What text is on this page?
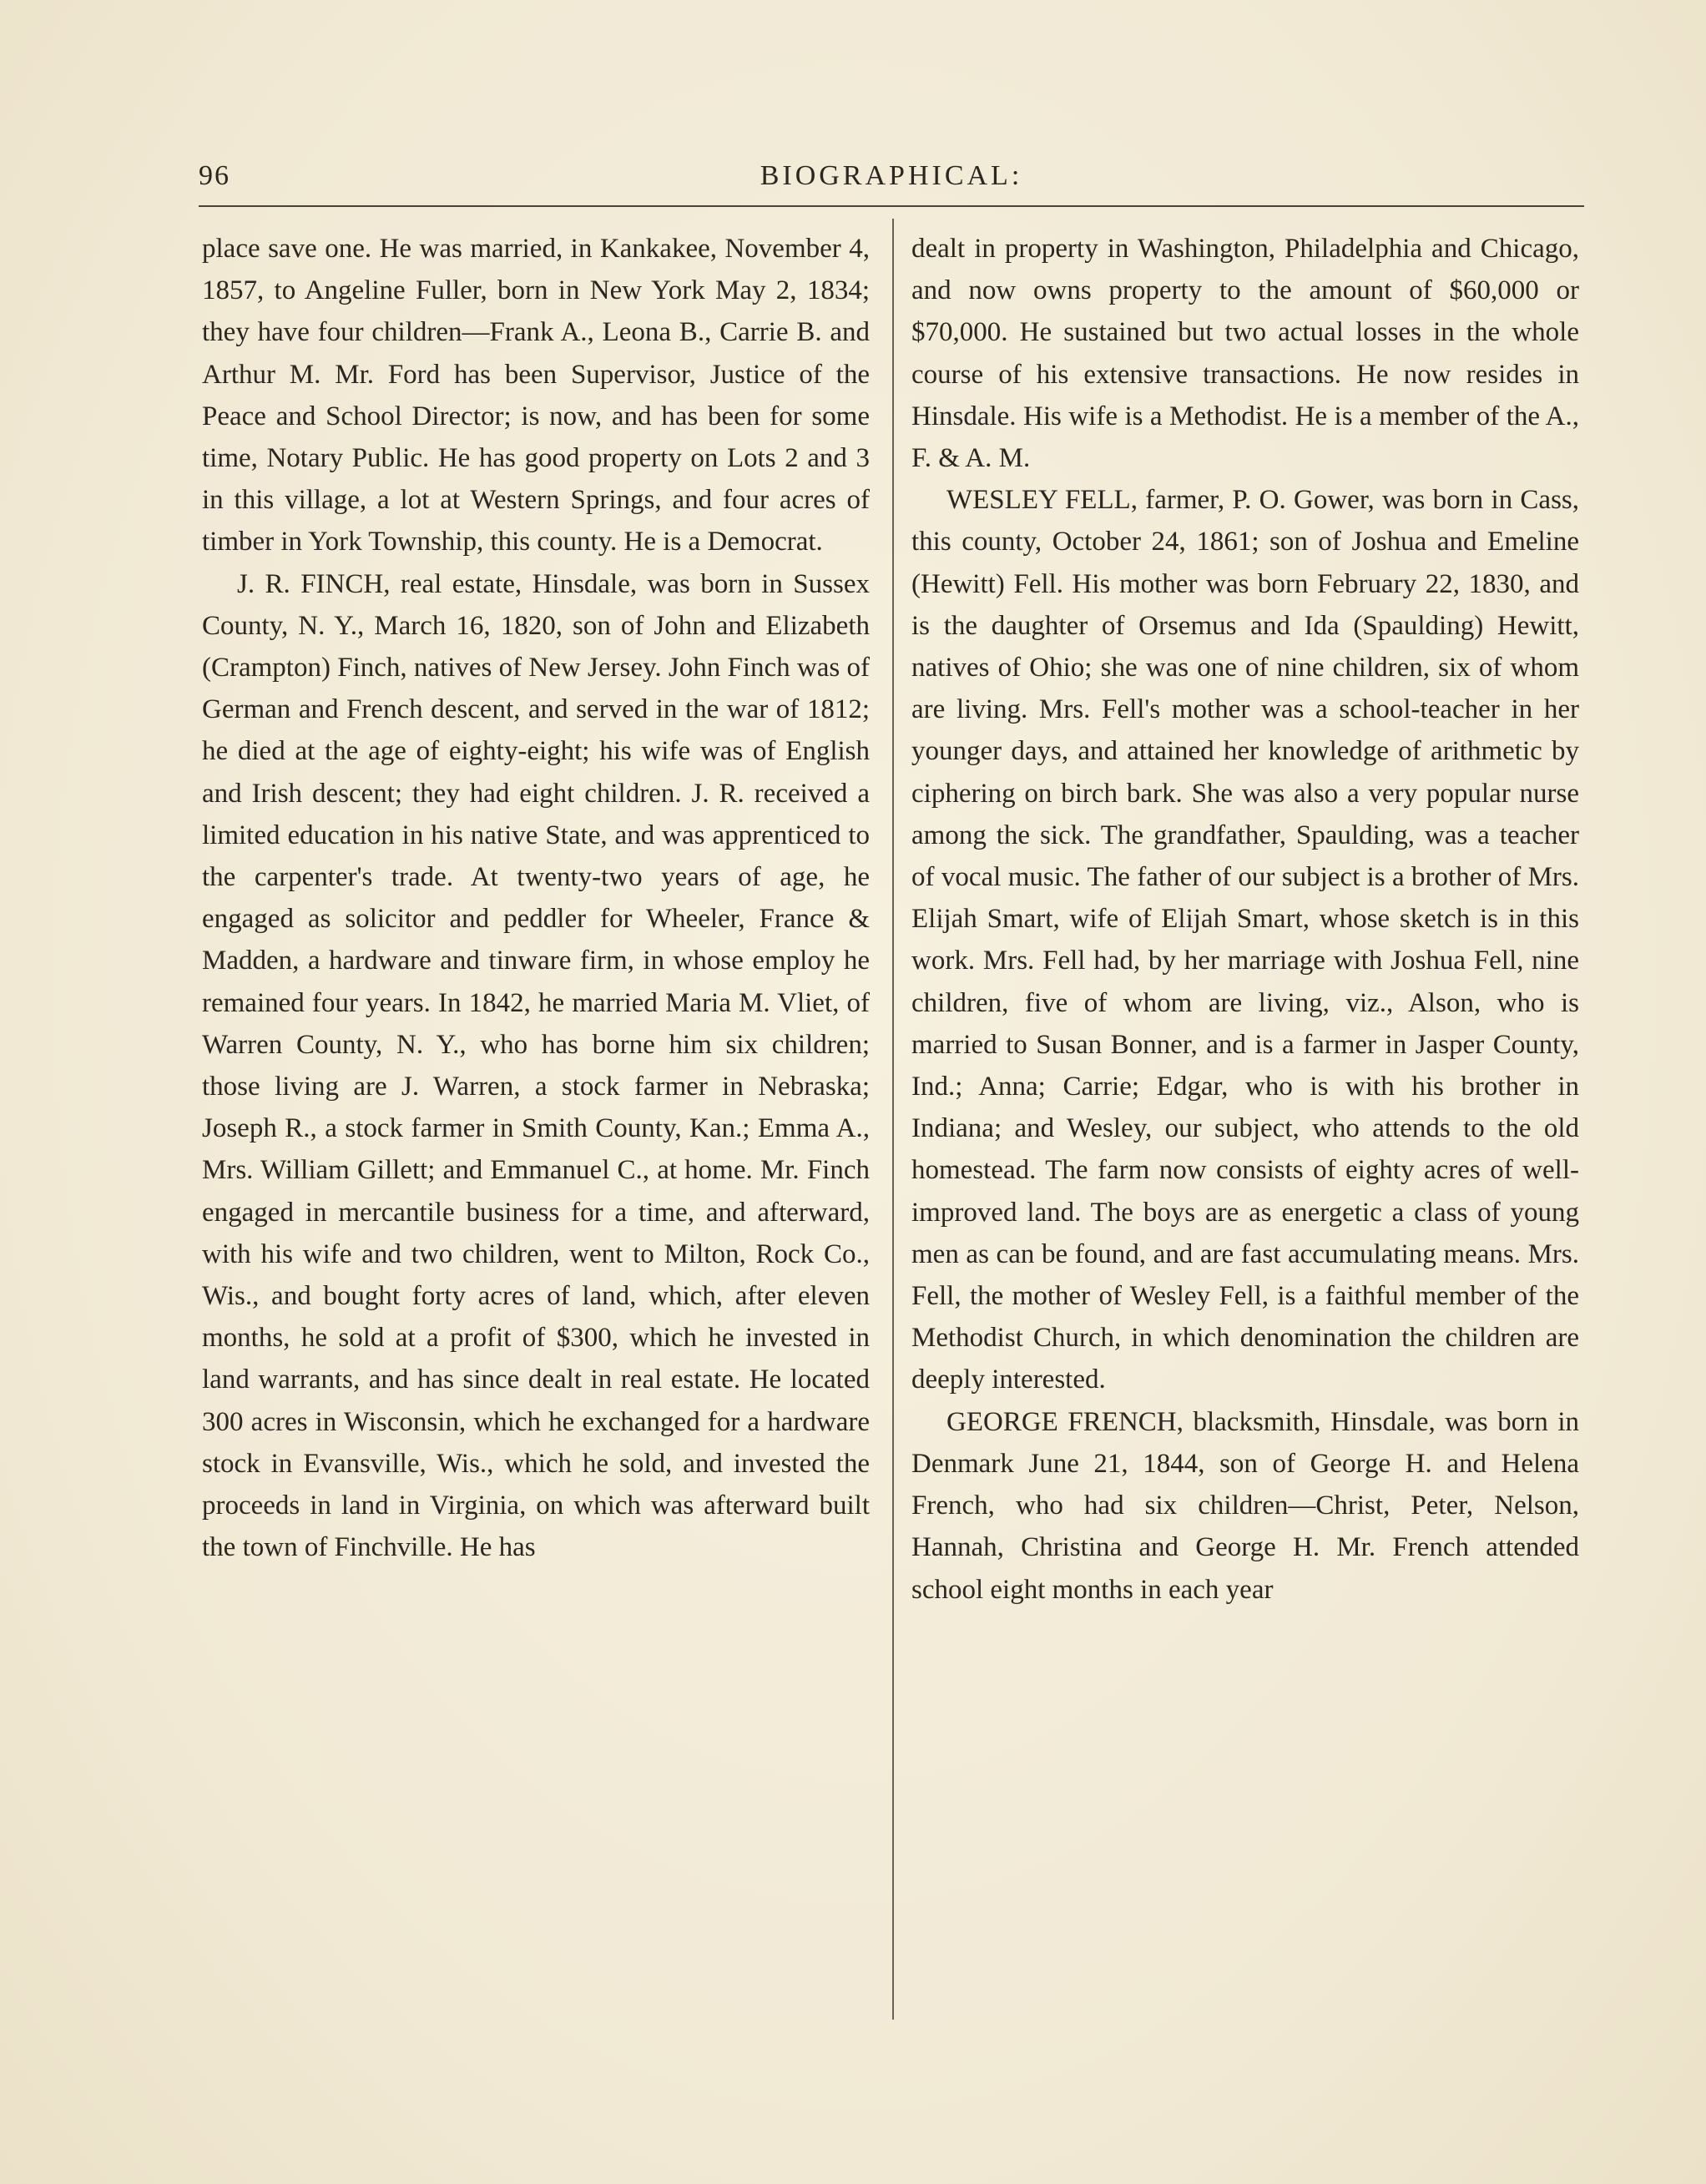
96	BIOGRAPHICAL:

place save one. He was married, in Kankakee, November 4, 1857, to Angeline Fuller, born in New York May 2, 1834; they have four children—Frank A., Leona B., Carrie B. and Arthur M. Mr. Ford has been Supervisor, Justice of the Peace and School Director; is now, and has been for some time, Notary Public. He has good property on Lots 2 and 3 in this village, a lot at Western Springs, and four acres of timber in York Township, this county. He is a Democrat.

J. R. FINCH, real estate, Hinsdale, was born in Sussex County, N. Y., March 16, 1820, son of John and Elizabeth (Crampton) Finch, natives of New Jersey. John Finch was of German and French descent, and served in the war of 1812; he died at the age of eighty-eight; his wife was of English and Irish descent; they had eight children. J. R. received a limited education in his native State, and was apprenticed to the carpenter's trade. At twenty-two years of age, he engaged as solicitor and peddler for Wheeler, France & Madden, a hardware and tinware firm, in whose employ he remained four years. In 1842, he married Maria M. Vliet, of Warren County, N. Y., who has borne him six children; those living are J. Warren, a stock farmer in Nebraska; Joseph R., a stock farmer in Smith County, Kan.; Emma A., Mrs. William Gillett; and Emmanuel C., at home. Mr. Finch engaged in mercantile business for a time, and afterward, with his wife and two children, went to Milton, Rock Co., Wis., and bought forty acres of land, which, after eleven months, he sold at a profit of $300, which he invested in land warrants, and has since dealt in real estate. He located 300 acres in Wisconsin, which he exchanged for a hardware stock in Evansville, Wis., which he sold, and invested the proceeds in land in Virginia, on which was afterward built the town of Finchville. He has

dealt in property in Washington, Philadelphia and Chicago, and now owns property to the amount of $60,000 or $70,000. He sustained but two actual losses in the whole course of his extensive transactions. He now resides in Hinsdale. His wife is a Methodist. He is a member of the A., F. & A. M.

WESLEY FELL, farmer, P. O. Gower, was born in Cass, this county, October 24, 1861; son of Joshua and Emeline (Hewitt) Fell. His mother was born February 22, 1830, and is the daughter of Orsemus and Ida (Spaulding) Hewitt, natives of Ohio; she was one of nine children, six of whom are living. Mrs. Fell's mother was a school-teacher in her younger days, and attained her knowledge of arithmetic by ciphering on birch bark. She was also a very popular nurse among the sick. The grandfather, Spaulding, was a teacher of vocal music. The father of our subject is a brother of Mrs. Elijah Smart, wife of Elijah Smart, whose sketch is in this work. Mrs. Fell had, by her marriage with Joshua Fell, nine children, five of whom are living, viz., Alson, who is married to Susan Bonner, and is a farmer in Jasper County, Ind.; Anna; Carrie; Edgar, who is with his brother in Indiana; and Wesley, our subject, who attends to the old homestead. The farm now consists of eighty acres of well-improved land. The boys are as energetic a class of young men as can be found, and are fast accumulating means. Mrs. Fell, the mother of Wesley Fell, is a faithful member of the Methodist Church, in which denomination the children are deeply interested.

GEORGE FRENCH, blacksmith, Hinsdale, was born in Denmark June 21, 1844, son of George H. and Helena French, who had six children—Christ, Peter, Nelson, Hannah, Christina and George H. Mr. French attended school eight months in each year
